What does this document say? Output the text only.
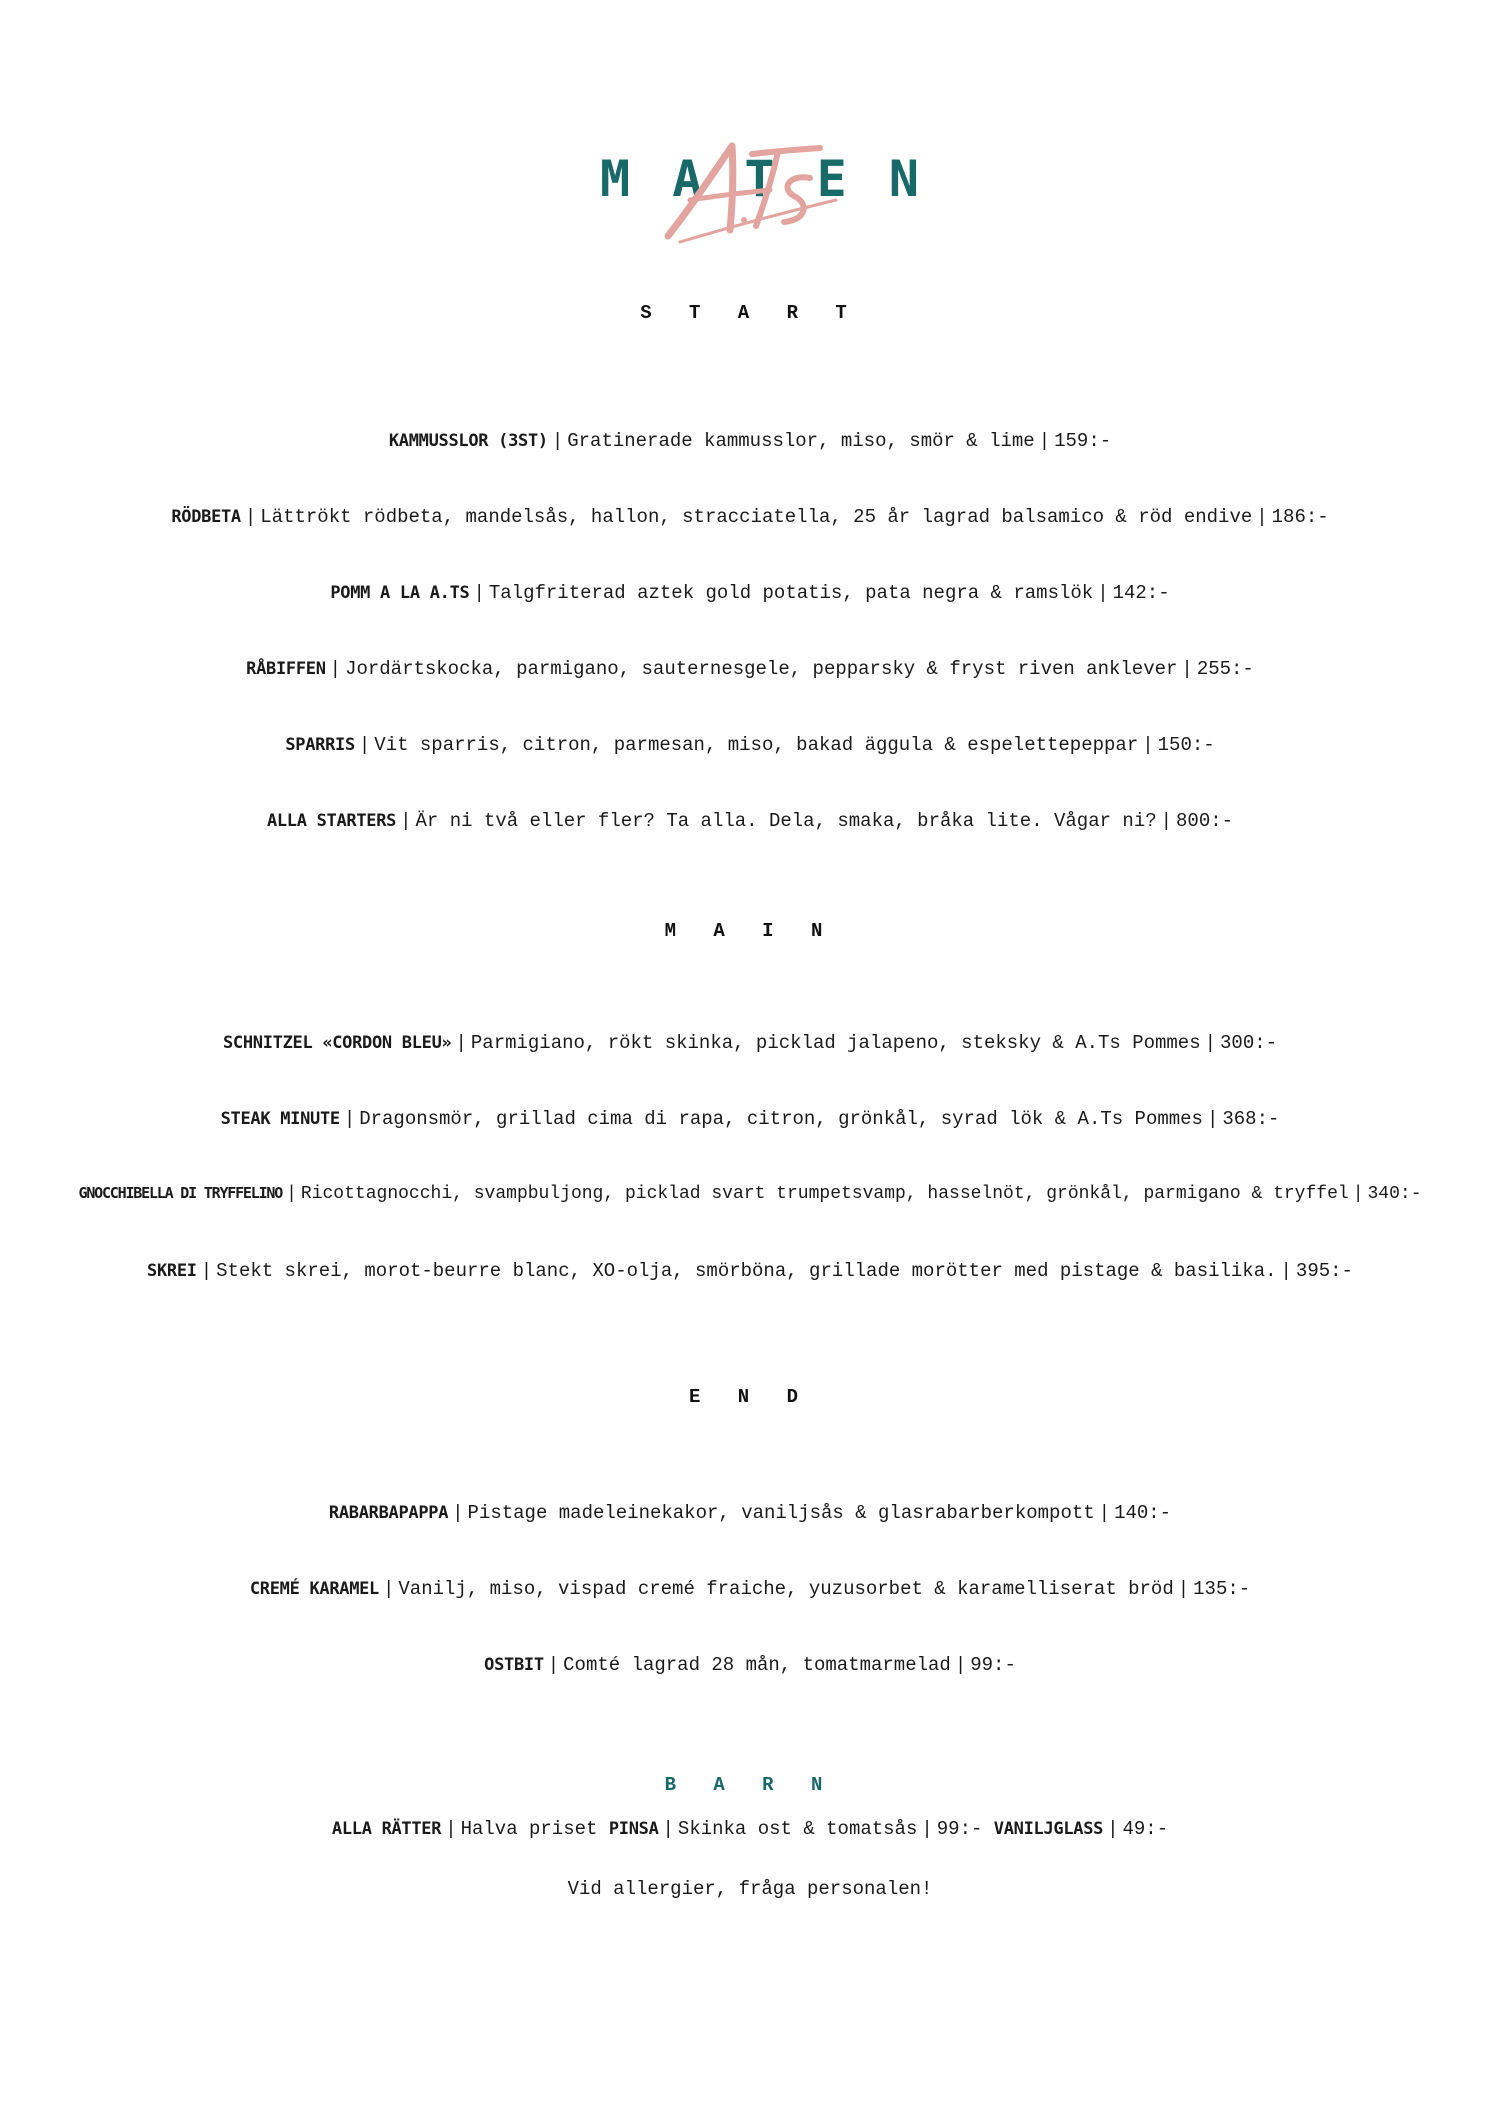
M A T E N
S T A R T
KAMMUSSLOR (3ST) | Gratinerade kammusslor, miso, smör & lime | 159:-
RÖDBETA | Lättrökt rödbeta, mandelsås, hallon, stracciatella, 25 år lagrad balsamico & röd endive | 186:-
POMM A LA A.TS | Talgfriterad aztek gold potatis, pata negra & ramslök | 142:-
RÅBIFFEN | Jordärtskocka, parmigano, sauternesgele, pepparsky & fryst riven anklever | 255:-
SPARRIS | Vit sparris, citron, parmesan, miso, bakad äggula & espelettepeppar | 150:-
ALLA STARTERS | Är ni två eller fler? Ta alla. Dela, smaka, bråka lite. Vågar ni? | 800:-
M A I N
SCHNITZEL «CORDON BLEU» | Parmigiano, rökt skinka, picklad jalapeno, steksky & A.Ts Pommes | 300:-
STEAK MINUTE | Dragonsmör, grillad cima di rapa, citron, grönkål, syrad lök & A.Ts Pommes | 368:-
GNOCCHIBELLA DI TRYFFELINO | Ricottagnocchi, svampbuljong, picklad svart trumpetsvamp, hasselnöt, grönkål, parmigano & tryffel | 340:-
SKREI | Stekt skrei, morot-beurre blanc, XO-olja, smörböna, grillade morötter med pistage & basilika. | 395:-
E N D
RABARBAPAPPA | Pistage madeleinekakor, vaniljsås & glasrabarberkompott | 140:-
CREMÉ KARAMEL | Vanilj, miso, vispad cremé fraiche, yuzusorbet & karamelliserat bröd | 135:-
OSTBIT | Comté lagrad 28 mån, tomatmarmelad | 99:-
B A R N
ALLA RÄTTER | Halva priset PINSA | Skinka ost & tomatsås | 99:- VANILJGLASS | 49:-
Vid allergier, fråga personalen!
